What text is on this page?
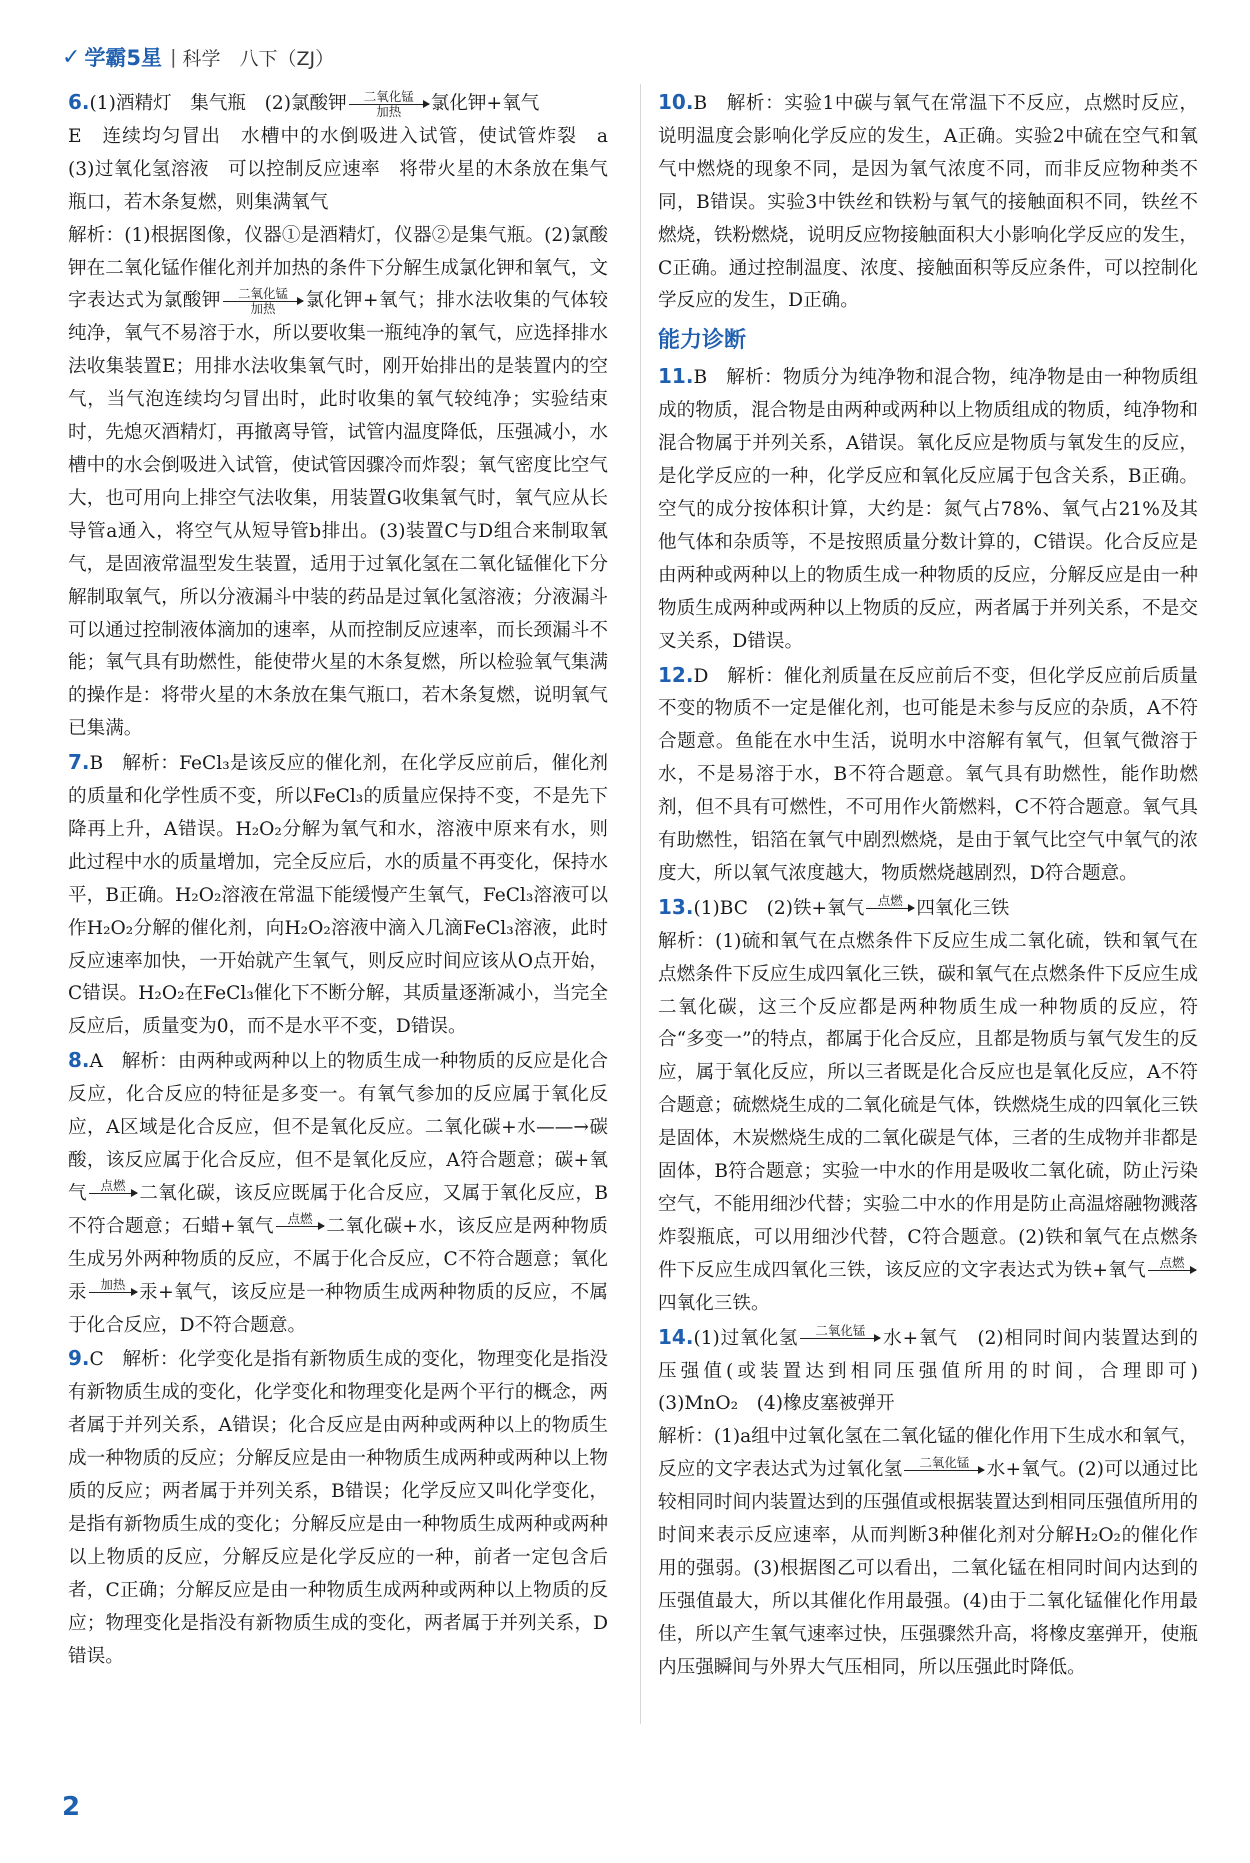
✓ 学霸5星 | 科学　八下（ZJ）

6.(1)酒精灯　集气瓶　(2)氯酸钾	二氧化锰
加热	氯化钾+氧气
E　连续均匀冒出　水槽中的水倒吸进入试管，使试管炸裂　a　(3)过氧化氢溶液　可以控制反应速率　将带火星的木条放在集气瓶口，若木条复燃，则集满氧气
解析：(1)根据图像，仪器①是酒精灯，仪器②是集气瓶。(2)氯酸钾在二氧化锰作催化剂并加热的条件下分解生成氯化钾和氧气，文字表达式为氯酸钾	二氧化锰
加热	氯化钾+氧气；排水法收集的气体较纯净，氧气不易溶于水，所以要收集一瓶纯净的氧气，应选择排水法收集装置E；用排水法收集氧气时，刚开始排出的是装置内的空气，当气泡连续均匀冒出时，此时收集的氧气较纯净；实验结束时，先熄灭酒精灯，再撤离导管，试管内温度降低，压强减小，水槽中的水会倒吸进入试管，使试管因骤冷而炸裂；氧气密度比空气大，也可用向上排空气法收集，用装置G收集氧气时，氧气应从长导管a通入，将空气从短导管b排出。(3)装置C与D组合来制取氧气，是固液常温型发生装置，适用于过氧化氢在二氧化锰催化下分解制取氧气，所以分液漏斗中装的药品是过氧化氢溶液；分液漏斗可以通过控制液体滴加的速率，从而控制反应速率，而长颈漏斗不能；氧气具有助燃性，能使带火星的木条复燃，所以检验氧气集满的操作是：将带火星的木条放在集气瓶口，若木条复燃，说明氧气已集满。

7.B　解析：FeCl₃是该反应的催化剂，在化学反应前后，催化剂的质量和化学性质不变，所以FeCl₃的质量应保持不变，不是先下降再上升，A错误。H₂O₂分解为氧气和水，溶液中原来有水，则此过程中水的质量增加，完全反应后，水的质量不再变化，保持水平，B正确。H₂O₂溶液在常温下能缓慢产生氧气，FeCl₃溶液可以作H₂O₂分解的催化剂，向H₂O₂溶液中滴入几滴FeCl₃溶液，此时反应速率加快，一开始就产生氧气，则反应时间应该从O点开始，C错误。H₂O₂在FeCl₃催化下不断分解，其质量逐渐减小，当完全反应后，质量变为0，而不是水平不变，D错误。

8.A　解析：由两种或两种以上的物质生成一种物质的反应是化合反应，化合反应的特征是多变一。有氧气参加的反应属于氧化反应，A区域是化合反应，但不是氧化反应。二氧化碳+水——→碳酸，该反应属于化合反应，但不是氧化反应，A符合题意；碳+氧气	点燃 二氧化碳，该反应既属于化合反应，又属于氧化反应，B不符合题意；石蜡+氧气	点燃 二氧化碳+水，该反应是两种物质生成另外两种物质的反应，不属于化合反应，C不符合题意；氧化汞	加热 汞+氧气，该反应是一种物质生成两种物质的反应，不属于化合反应，D不符合题意。

9.C　解析：化学变化是指有新物质生成的变化，物理变化是指没有新物质生成的变化，化学变化和物理变化是两个平行的概念，两者属于并列关系，A错误；化合反应是由两种或两种以上的物质生成一种物质的反应；分解反应是由一种物质生成两种或两种以上物质的反应；两者属于并列关系，B错误；化学反应又叫化学变化，是指有新物质生成的变化；分解反应是由一种物质生成两种或两种以上物质的反应，分解反应是化学反应的一种，前者一定包含后者，C正确；分解反应是由一种物质生成两种或两种以上物质的反应；物理变化是指没有新物质生成的变化，两者属于并列关系，D错误。

10.B　解析：实验1中碳与氧气在常温下不反应，点燃时反应，说明温度会影响化学反应的发生，A正确。实验2中硫在空气和氧气中燃烧的现象不同，是因为氧气浓度不同，而非反应物种类不同，B错误。实验3中铁丝和铁粉与氧气的接触面积不同，铁丝不燃烧，铁粉燃烧，说明反应物接触面积大小影响化学反应的发生，C正确。通过控制温度、浓度、接触面积等反应条件，可以控制化学反应的发生，D正确。

能力诊断

11.B　解析：物质分为纯净物和混合物，纯净物是由一种物质组成的物质，混合物是由两种或两种以上物质组成的物质，纯净物和混合物属于并列关系，A错误。氧化反应是物质与氧发生的反应，是化学反应的一种，化学反应和氧化反应属于包含关系，B正确。空气的成分按体积计算，大约是：氮气占78%、氧气占21%及其他气体和杂质等，不是按照质量分数计算的，C错误。化合反应是由两种或两种以上的物质生成一种物质的反应，分解反应是由一种物质生成两种或两种以上物质的反应，两者属于并列关系，不是交叉关系，D错误。

12.D　解析：催化剂质量在反应前后不变，但化学反应前后质量不变的物质不一定是催化剂，也可能是未参与反应的杂质，A不符合题意。鱼能在水中生活，说明水中溶解有氧气，但氧气微溶于水，不是易溶于水，B不符合题意。氧气具有助燃性，能作助燃剂，但不具有可燃性，不可用作火箭燃料，C不符合题意。氧气具有助燃性，铝箔在氧气中剧烈燃烧，是由于氧气比空气中氧气的浓度大，所以氧气浓度越大，物质燃烧越剧烈，D符合题意。

13.(1)BC　(2)铁+氧气	点燃 四氧化三铁
解析：(1)硫和氧气在点燃条件下反应生成二氧化硫，铁和氧气在点燃条件下反应生成四氧化三铁，碳和氧气在点燃条件下反应生成二氧化碳，这三个反应都是两种物质生成一种物质的反应，符合“多变一”的特点，都属于化合反应，且都是物质与氧气发生的反应，属于氧化反应，所以三者既是化合反应也是氧化反应，A不符合题意；硫燃烧生成的二氧化硫是气体，铁燃烧生成的四氧化三铁是固体，木炭燃烧生成的二氧化碳是气体，三者的生成物并非都是固体，B符合题意；实验一中水的作用是吸收二氧化硫，防止污染空气，不能用细沙代替；实验二中水的作用是防止高温熔融物溅落炸裂瓶底，可以用细沙代替，C符合题意。(2)铁和氧气在点燃条件下反应生成四氧化三铁，该反应的文字表达式为铁+氧气	点燃
四氧化三铁。

14.(1)过氧化氢	二氧化锰 水+氧气　(2)相同时间内装置达到的压强值(或装置达到相同压强值所用的时间，合理即可)　(3)MnO₂　(4)橡皮塞被弹开
解析：(1)a组中过氧化氢在二氧化锰的催化作用下生成水和氧气，反应的文字表达式为过氧化氢	二氧化锰 水+氧气。(2)可以通过比较相同时间内装置达到的压强值或根据装置达到相同压强值所用的时间来表示反应速率，从而判断3种催化剂对分解H₂O₂的催化作用的强弱。(3)根据图乙可以看出，二氧化锰在相同时间内达到的压强值最大，所以其催化作用最强。(4)由于二氧化锰催化作用最佳，所以产生氧气速率过快，压强骤然升高，将橡皮塞弹开，使瓶内压强瞬间与外界大气压相同，所以压强此时降低。

2
